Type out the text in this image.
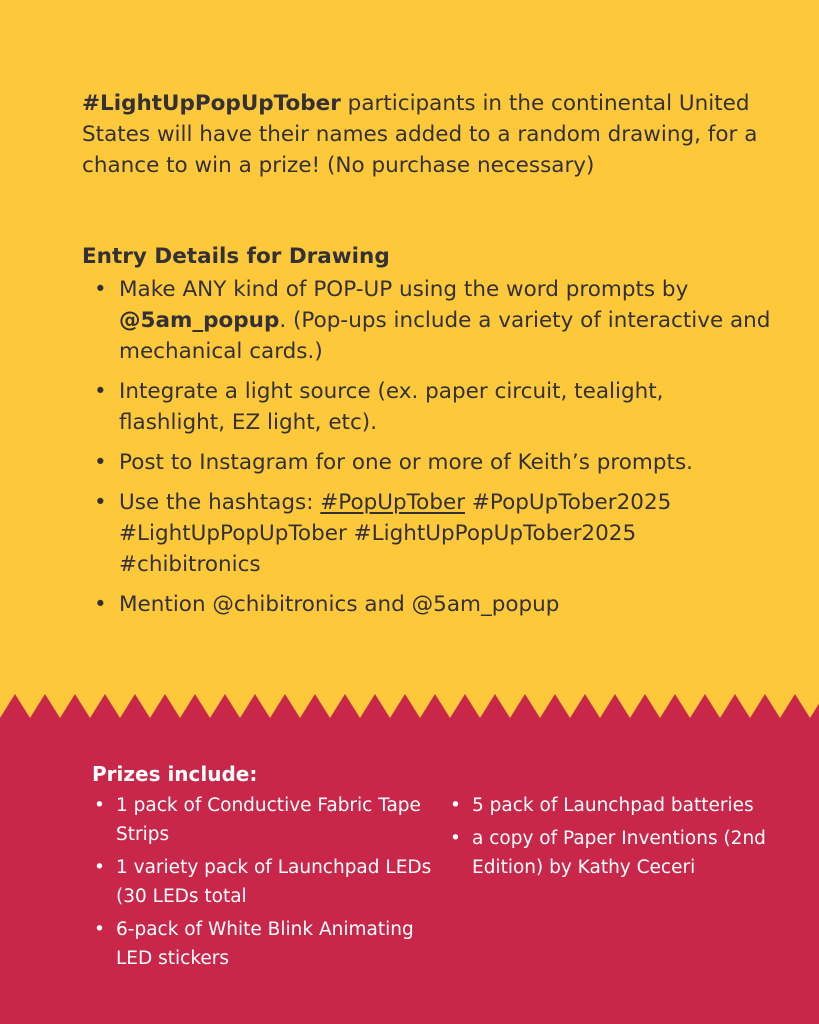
#LightUpPopUpTober participants in the continental United States will have their names added to a random drawing, for a chance to win a prize! (No purchase necessary)

Entry Details for Drawing
• Make ANY kind of POP-UP using the word prompts by @5am_popup. (Pop-ups include a variety of interactive and mechanical cards.)
• Integrate a light source (ex. paper circuit, tealight, flashlight, EZ light, etc).
• Post to Instagram for one or more of Keith’s prompts.
• Use the hashtags: #PopUpTober #PopUpTober2025 #LightUpPopUpTober #LightUpPopUpTober2025 #chibitronics
• Mention @chibitronics and @5am_popup
Prizes include:
• 1 pack of Conductive Fabric Tape Strips
• 1 variety pack of Launchpad LEDs (30 LEDs total
• 6-pack of White Blink Animating LED stickers
• 5 pack of Launchpad batteries
• a copy of Paper Inventions (2nd Edition) by Kathy Ceceri
